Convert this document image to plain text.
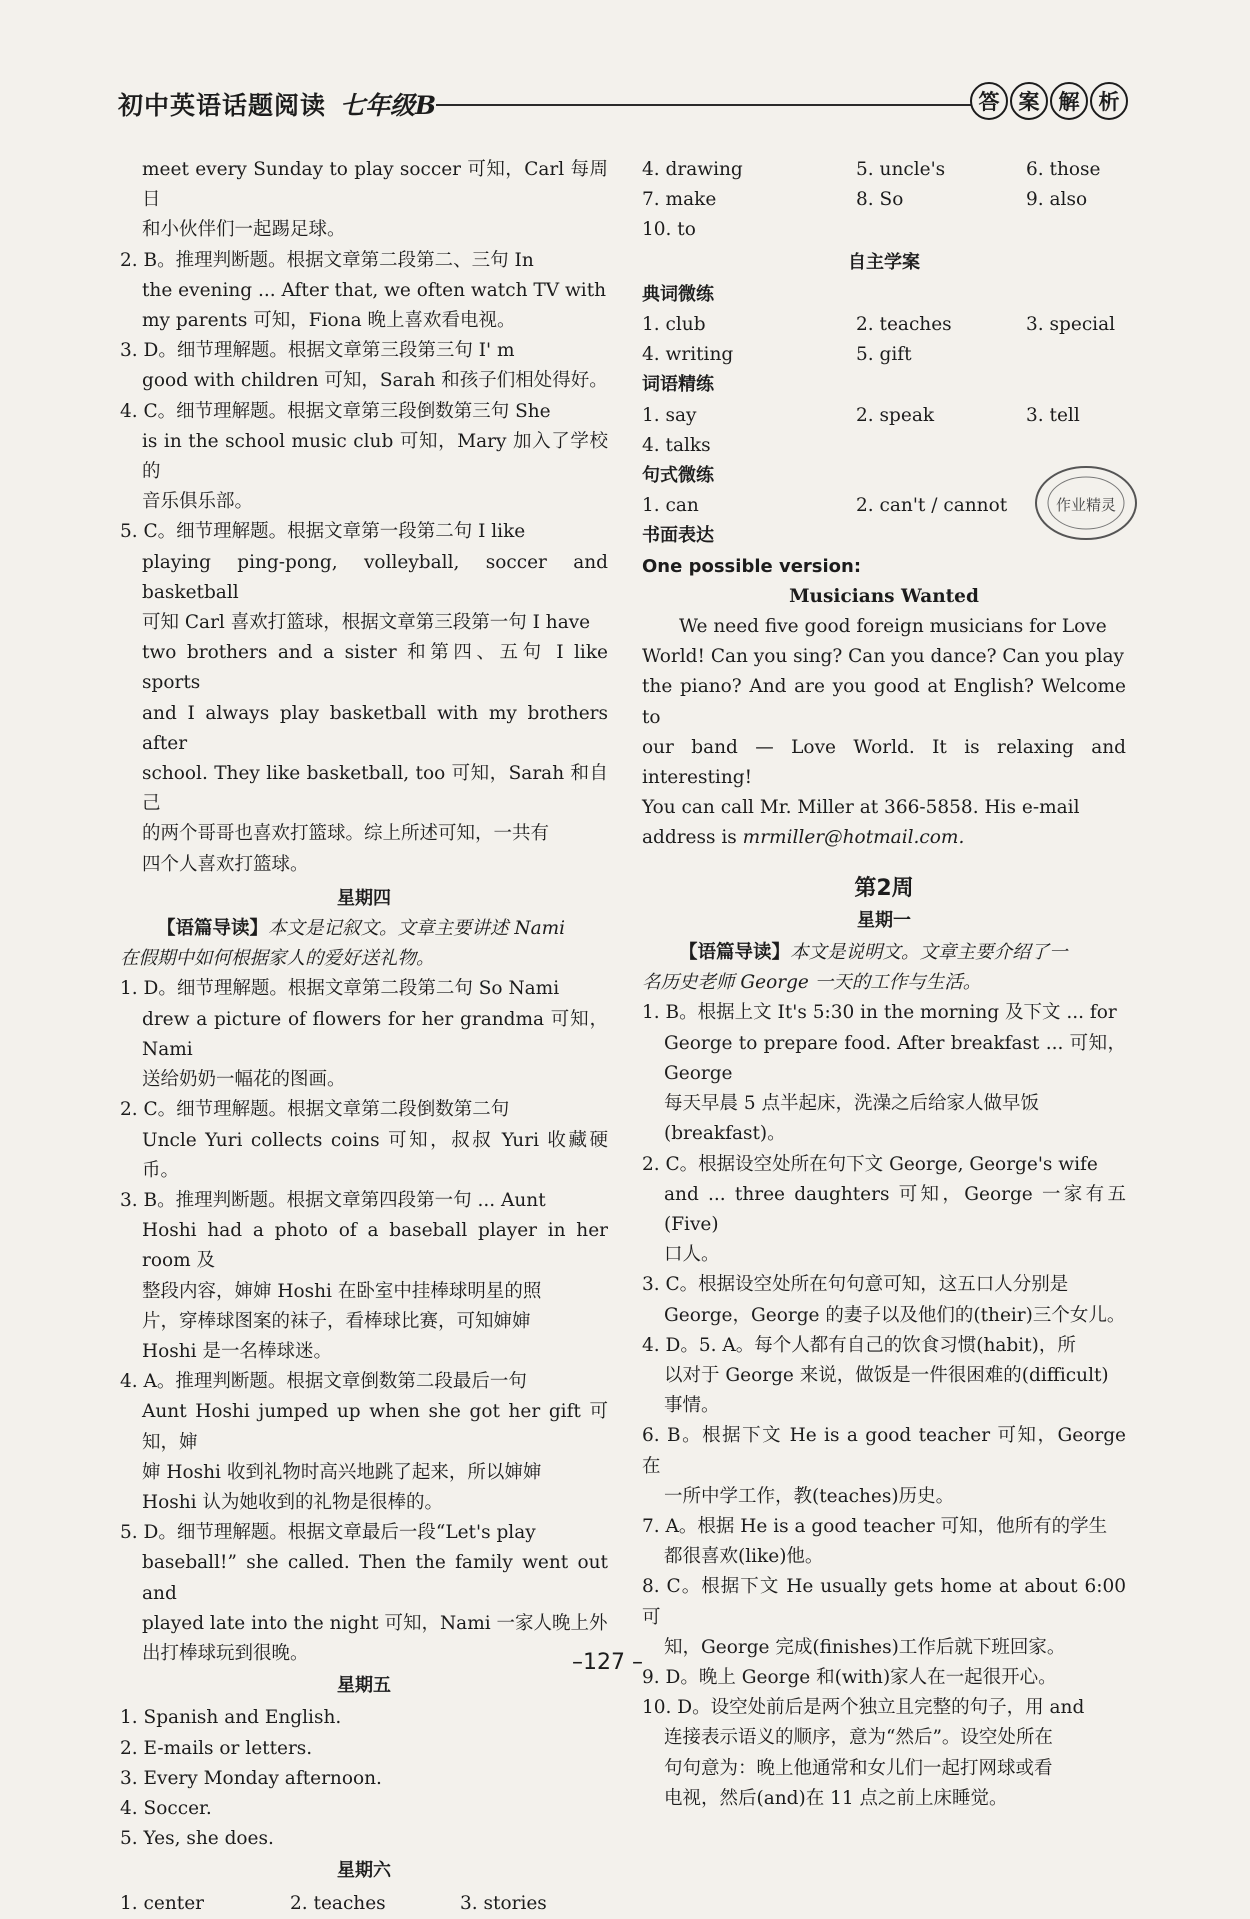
初中英语话题阅读 七年级B	答 案 解 析

meet every Sunday to play soccer 可知，Carl 每周日

和小伙伴们一起踢足球。

2. B。推理判断题。根据文章第二段第二、三句 In

the evening ... After that, we often watch TV with

my parents 可知，Fiona 晚上喜欢看电视。

3. D。细节理解题。根据文章第三段第三句 I' m

good with children 可知，Sarah 和孩子们相处得好。

4. C。细节理解题。根据文章第三段倒数第三句 She

is in the school music club 可知，Mary 加入了学校的

音乐俱乐部。

5. C。细节理解题。根据文章第一段第二句 I like

playing ping-pong, volleyball, soccer and basketball

可知 Carl 喜欢打篮球，根据文章第三段第一句 I have

two brothers and a sister 和第四、五句 I like sports

and I always play basketball with my brothers after

school. They like basketball, too 可知，Sarah 和自己

的两个哥哥也喜欢打篮球。综上所述可知，一共有

四个人喜欢打篮球。

星期四

【语篇导读】本文是记叙文。文章主要讲述 Nami

在假期中如何根据家人的爱好送礼物。

1. D。细节理解题。根据文章第二段第二句 So Nami

drew a picture of flowers for her grandma 可知，Nami

送给奶奶一幅花的图画。

2. C。细节理解题。根据文章第二段倒数第二句

Uncle Yuri collects coins 可知，叔叔 Yuri 收藏硬币。

3. B。推理判断题。根据文章第四段第一句 ... Aunt

Hoshi had a photo of a baseball player in her room 及

整段内容，婶婶 Hoshi 在卧室中挂棒球明星的照

片，穿棒球图案的袜子，看棒球比赛，可知婶婶

Hoshi 是一名棒球迷。

4. A。推理判断题。根据文章倒数第二段最后一句

Aunt Hoshi jumped up when she got her gift 可知，婶

婶 Hoshi 收到礼物时高兴地跳了起来，所以婶婶

Hoshi 认为她收到的礼物是很棒的。

5. D。细节理解题。根据文章最后一段“Let's play

baseball!” she called. Then the family went out and

played late into the night 可知，Nami 一家人晚上外

出打棒球玩到很晚。

星期五

1. Spanish and English.

2. E-mails or letters.

3. Every Monday afternoon.

4. Soccer.

5. Yes, she does.

星期六

1. center	2. teaches	3. stories
4. drawing	5. uncle's	6. those
7. make	8. So	9. also

10. to

自主学案

典词微练

1. club	2. teaches	3. special
4. writing	5. gift

词语精练

1. say	2. speak	3. tell

4. talks

句式微练

1. can	2. can't / cannot

书面表达

One possible version:

Musicians Wanted

We need five good foreign musicians for Love

World! Can you sing? Can you dance? Can you play

the piano? And are you good at English? Welcome to

our band — Love World. It is relaxing and interesting!

You can call Mr. Miller at 366-5858. His e-mail

address is mrmiller@hotmail.com.

第2周

星期一

【语篇导读】本文是说明文。文章主要介绍了一

名历史老师 George 一天的工作与生活。

1. B。根据上文 It's 5:30 in the morning 及下文 ... for

George to prepare food. After breakfast ... 可知，George

每天早晨 5 点半起床，洗澡之后给家人做早饭

(breakfast)。

2. C。根据设空处所在句下文 George, George's wife

and ... three daughters 可知，George 一家有五(Five)

口人。

3. C。根据设空处所在句句意可知，这五口人分别是

George，George 的妻子以及他们的(their)三个女儿。

4. D。5. A。每个人都有自己的饮食习惯(habit)，所

以对于 George 来说，做饭是一件很困难的(difficult)

事情。

6. B。根据下文 He is a good teacher 可知，George 在

一所中学工作，教(teaches)历史。

7. A。根据 He is a good teacher 可知，他所有的学生

都很喜欢(like)他。

8. C。根据下文 He usually gets home at about 6:00 可

知，George 完成(finishes)工作后就下班回家。

9. D。晚上 George 和(with)家人在一起很开心。

10. D。设空处前后是两个独立且完整的句子，用 and

连接表示语义的顺序，意为“然后”。设空处所在

句句意为：晚上他通常和女儿们一起打网球或看

电视，然后(and)在 11 点之前上床睡觉。

作业精灵
–127 –
